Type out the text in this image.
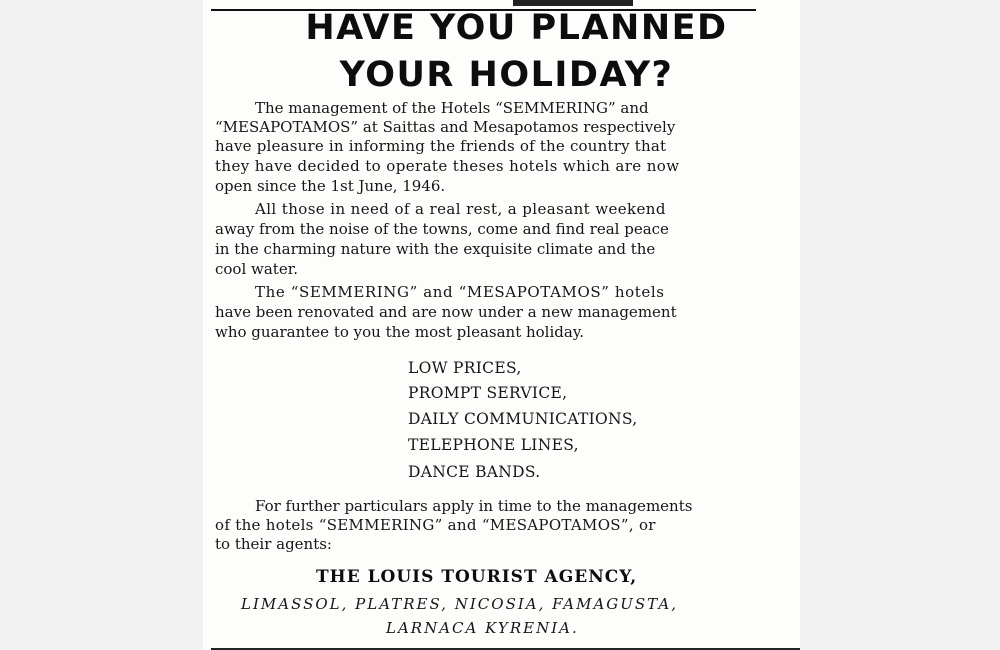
HAVE YOU PLANNED
YOUR HOLIDAY?
The management of the Hotels “SEMMERING” and
“MESAPOTAMOS” at Saittas and Mesapotamos respectively
have pleasure in informing the friends of the country that
they have decided to operate theses hotels which are now
open since the 1st June, 1946.
All those in need of a real rest, a pleasant weekend
away from the noise of the towns, come and find real peace
in the charming nature with the exquisite climate and the
cool water.
The “SEMMERING” and “MESAPOTAMOS” hotels
have been renovated and are now under a new management
who guarantee to you the most pleasant holiday.
LOW PRICES,
PROMPT SERVICE,
DAILY COMMUNICATIONS,
TELEPHONE LINES,
DANCE BANDS.
For further particulars apply in time to the managements
of the hotels “SEMMERING” and “MESAPOTAMOS”, or
to their agents:
THE LOUIS TOURIST AGENCY,
LIMASSOL, PLATRES, NICOSIA, FAMAGUSTA,
LARNACA KYRENIA.
